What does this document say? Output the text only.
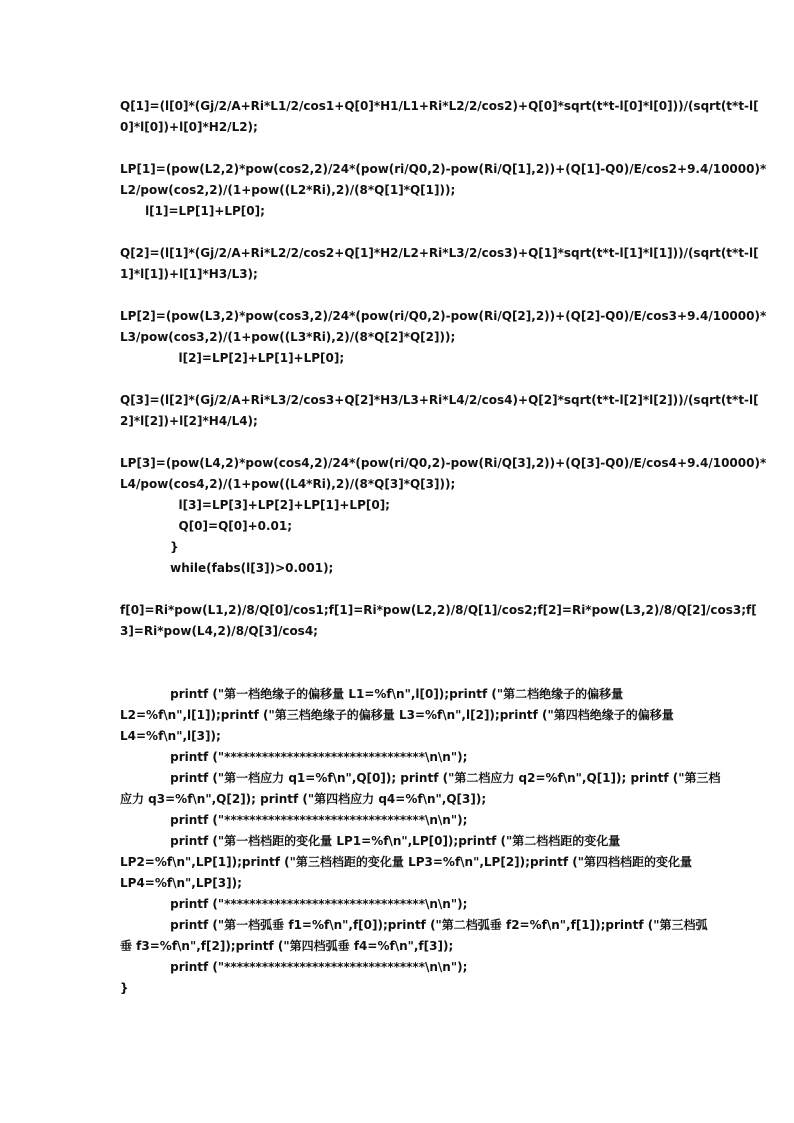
Q[1]=(l[0]*(Gj/2/A+Ri*L1/2/cos1+Q[0]*H1/L1+Ri*L2/2/cos2)+Q[0]*sqrt(t*t-l[0]*l[0]))/(sqrt(t*t-l[
0]*l[0])+l[0]*H2/L2);
LP[1]=(pow(L2,2)*pow(cos2,2)/24*(pow(ri/Q0,2)-pow(Ri/Q[1],2))+(Q[1]-Q0)/E/cos2+9.4/10000)*
L2/pow(cos2,2)/(1+pow((L2*Ri),2)/(8*Q[1]*Q[1]));
l[1]=LP[1]+LP[0];
Q[2]=(l[1]*(Gj/2/A+Ri*L2/2/cos2+Q[1]*H2/L2+Ri*L3/2/cos3)+Q[1]*sqrt(t*t-l[1]*l[1]))/(sqrt(t*t-l[
1]*l[1])+l[1]*H3/L3);
LP[2]=(pow(L3,2)*pow(cos3,2)/24*(pow(ri/Q0,2)-pow(Ri/Q[2],2))+(Q[2]-Q0)/E/cos3+9.4/10000)*
L3/pow(cos3,2)/(1+pow((L3*Ri),2)/(8*Q[2]*Q[2]));
l[2]=LP[2]+LP[1]+LP[0];
Q[3]=(l[2]*(Gj/2/A+Ri*L3/2/cos3+Q[2]*H3/L3+Ri*L4/2/cos4)+Q[2]*sqrt(t*t-l[2]*l[2]))/(sqrt(t*t-l[
2]*l[2])+l[2]*H4/L4);
LP[3]=(pow(L4,2)*pow(cos4,2)/24*(pow(ri/Q0,2)-pow(Ri/Q[3],2))+(Q[3]-Q0)/E/cos4+9.4/10000)*
L4/pow(cos4,2)/(1+pow((L4*Ri),2)/(8*Q[3]*Q[3]));
l[3]=LP[3]+LP[2]+LP[1]+LP[0];
Q[0]=Q[0]+0.01;
}
while(fabs(l[3])>0.001);
f[0]=Ri*pow(L1,2)/8/Q[0]/cos1;f[1]=Ri*pow(L2,2)/8/Q[1]/cos2;f[2]=Ri*pow(L3,2)/8/Q[2]/cos3;f[
3]=Ri*pow(L4,2)/8/Q[3]/cos4;
printf ("第一档绝缘子的偏移量 L1=%f\n",l[0]);printf ("第二档绝缘子的偏移量
L2=%f\n",l[1]);printf ("第三档绝缘子的偏移量 L3=%f\n",l[2]);printf ("第四档绝缘子的偏移量
L4=%f\n",l[3]);
printf ("********************************\n\n");
printf ("第一档应力 q1=%f\n",Q[0]); printf ("第二档应力 q2=%f\n",Q[1]); printf ("第三档
应力 q3=%f\n",Q[2]); printf ("第四档应力 q4=%f\n",Q[3]);
printf ("********************************\n\n");
printf ("第一档档距的变化量 LP1=%f\n",LP[0]);printf ("第二档档距的变化量
LP2=%f\n",LP[1]);printf ("第三档档距的变化量 LP3=%f\n",LP[2]);printf ("第四档档距的变化量
LP4=%f\n",LP[3]);
printf ("********************************\n\n");
printf ("第一档弧垂 f1=%f\n",f[0]);printf ("第二档弧垂 f2=%f\n",f[1]);printf ("第三档弧
垂 f3=%f\n",f[2]);printf ("第四档弧垂 f4=%f\n",f[3]);
printf ("********************************\n\n");
}
